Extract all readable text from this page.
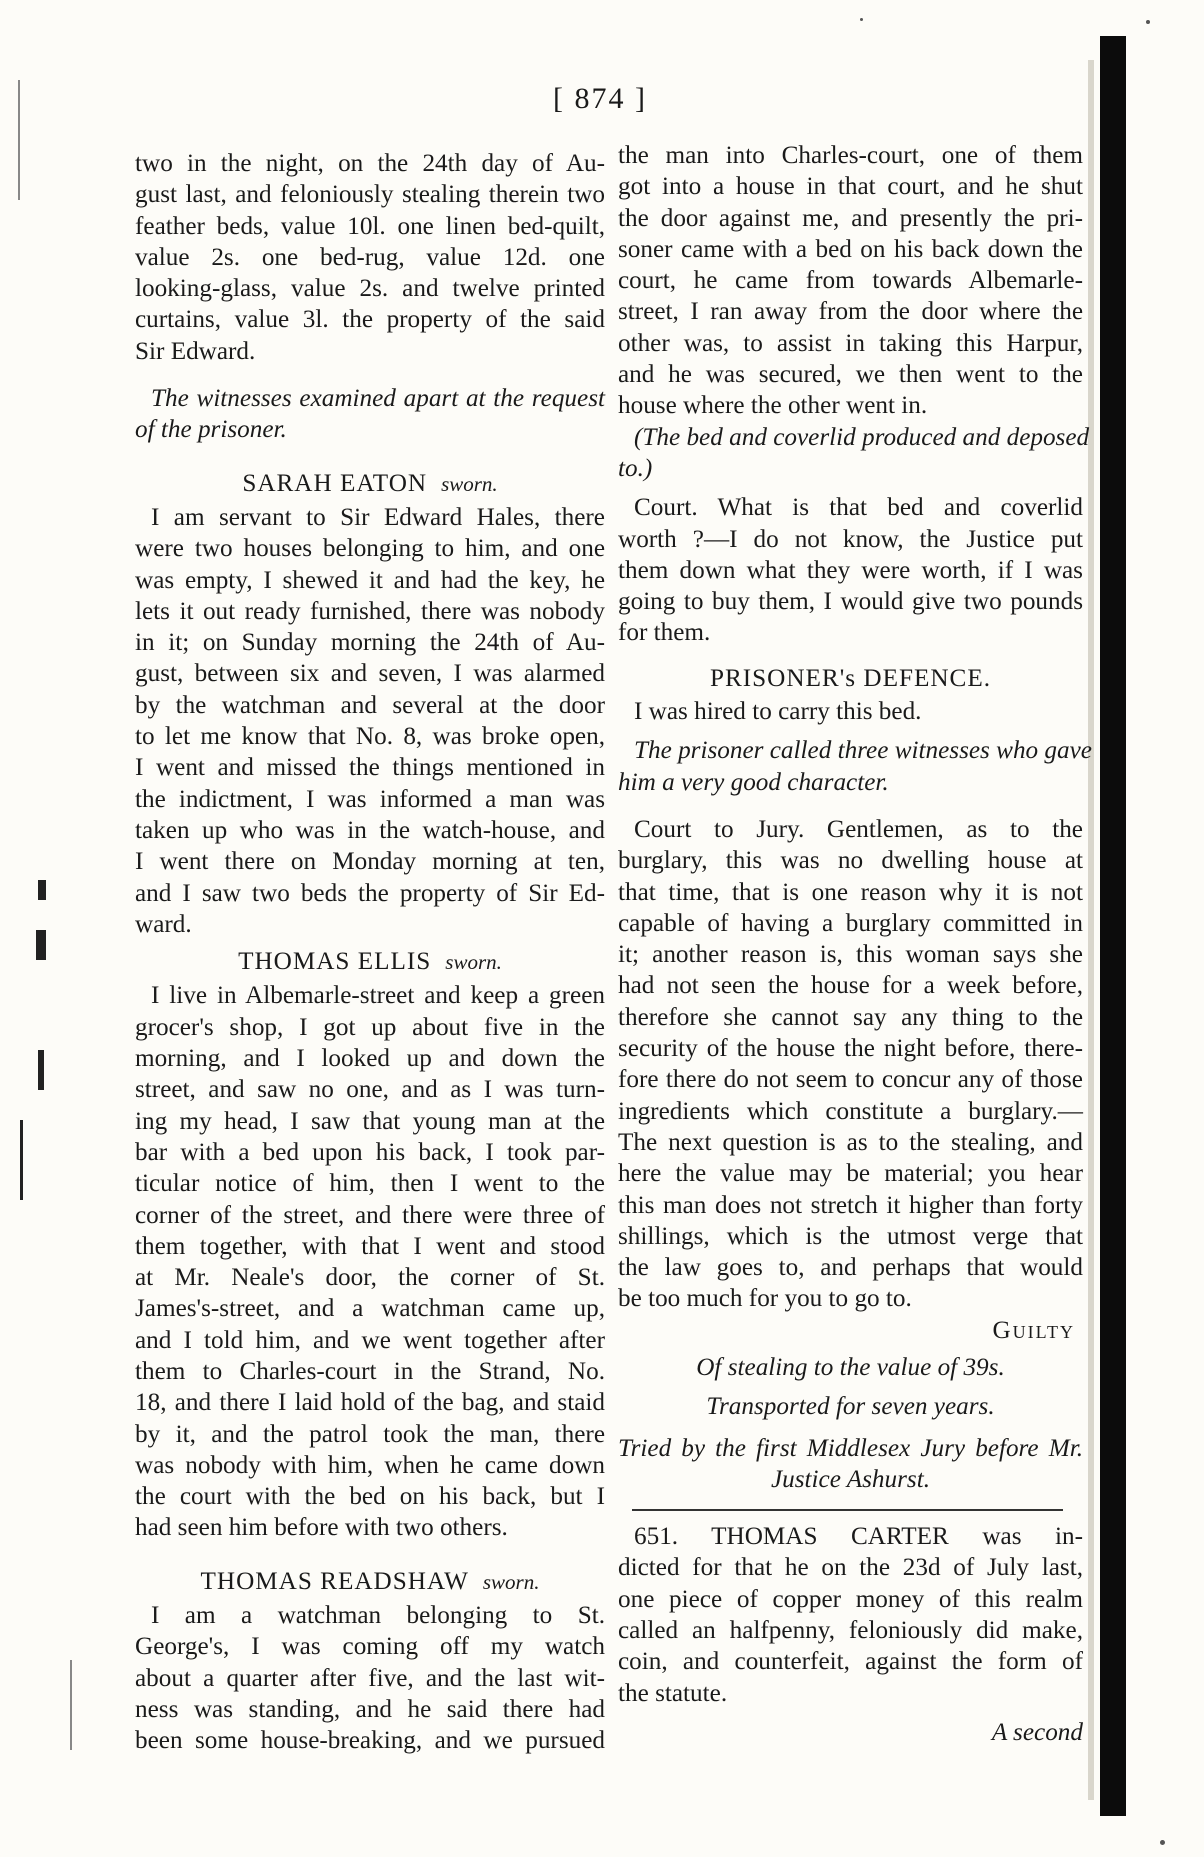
[ 874 ]
two in the night, on the 24th day of Au-
gust last, and feloniously stealing therein two
feather beds, value 10l. one linen bed-quilt,
value 2s. one bed-rug, value 12d. one
looking-glass, value 2s. and twelve printed
curtains, value 3l. the property of the said
Sir Edward.
The witnesses examined apart at the request
of the prisoner.
SARAH EATON sworn.
I am servant to Sir Edward Hales, there
were two houses belonging to him, and one
was empty, I shewed it and had the key, he
lets it out ready furnished, there was nobody
in it; on Sunday morning the 24th of Au-
gust, between six and seven, I was alarmed
by the watchman and several at the door
to let me know that No. 8, was broke open,
I went and missed the things mentioned in
the indictment, I was informed a man was
taken up who was in the watch-house, and
I went there on Monday morning at ten,
and I saw two beds the property of Sir Ed-
ward.
THOMAS ELLIS sworn.
I live in Albemarle-street and keep a green
grocer's shop, I got up about five in the
morning, and I looked up and down the
street, and saw no one, and as I was turn-
ing my head, I saw that young man at the
bar with a bed upon his back, I took par-
ticular notice of him, then I went to the
corner of the street, and there were three of
them together, with that I went and stood
at Mr. Neale's door, the corner of St.
James's-street, and a watchman came up,
and I told him, and we went together after
them to Charles-court in the Strand, No.
18, and there I laid hold of the bag, and staid
by it, and the patrol took the man, there
was nobody with him, when he came down
the court with the bed on his back, but I
had seen him before with two others.
THOMAS READSHAW sworn.
I am a watchman belonging to St.
George's, I was coming off my watch
about a quarter after five, and the last wit-
ness was standing, and he said there had
been some house-breaking, and we pursued
the man into Charles-court, one of them
got into a house in that court, and he shut
the door against me, and presently the pri-
soner came with a bed on his back down the
court, he came from towards Albemarle-
street, I ran away from the door where the
other was, to assist in taking this Harpur,
and he was secured, we then went to the
house where the other went in.
(The bed and coverlid produced and deposed
to.)
Court. What is that bed and coverlid
worth ?—I do not know, the Justice put
them down what they were worth, if I was
going to buy them, I would give two pounds
for them.
PRISONER's DEFENCE.
I was hired to carry this bed.
The prisoner called three witnesses who gave
him a very good character.
Court to Jury. Gentlemen, as to the
burglary, this was no dwelling house at
that time, that is one reason why it is not
capable of having a burglary committed in
it; another reason is, this woman says she
had not seen the house for a week before,
therefore she cannot say any thing to the
security of the house the night before, there-
fore there do not seem to concur any of those
ingredients which constitute a burglary.—
The next question is as to the stealing, and
here the value may be material; you hear
this man does not stretch it higher than forty
shillings, which is the utmost verge that
the law goes to, and perhaps that would
be too much for you to go to.
Guilty
Of stealing to the value of 39s.
Transported for seven years.
Tried by the first Middlesex Jury before Mr.
Justice Ashurst.
651. THOMAS CARTER was in-
dicted for that he on the 23d of July last,
one piece of copper money of this realm
called an halfpenny, feloniously did make,
coin, and counterfeit, against the form of
the statute.
A second
